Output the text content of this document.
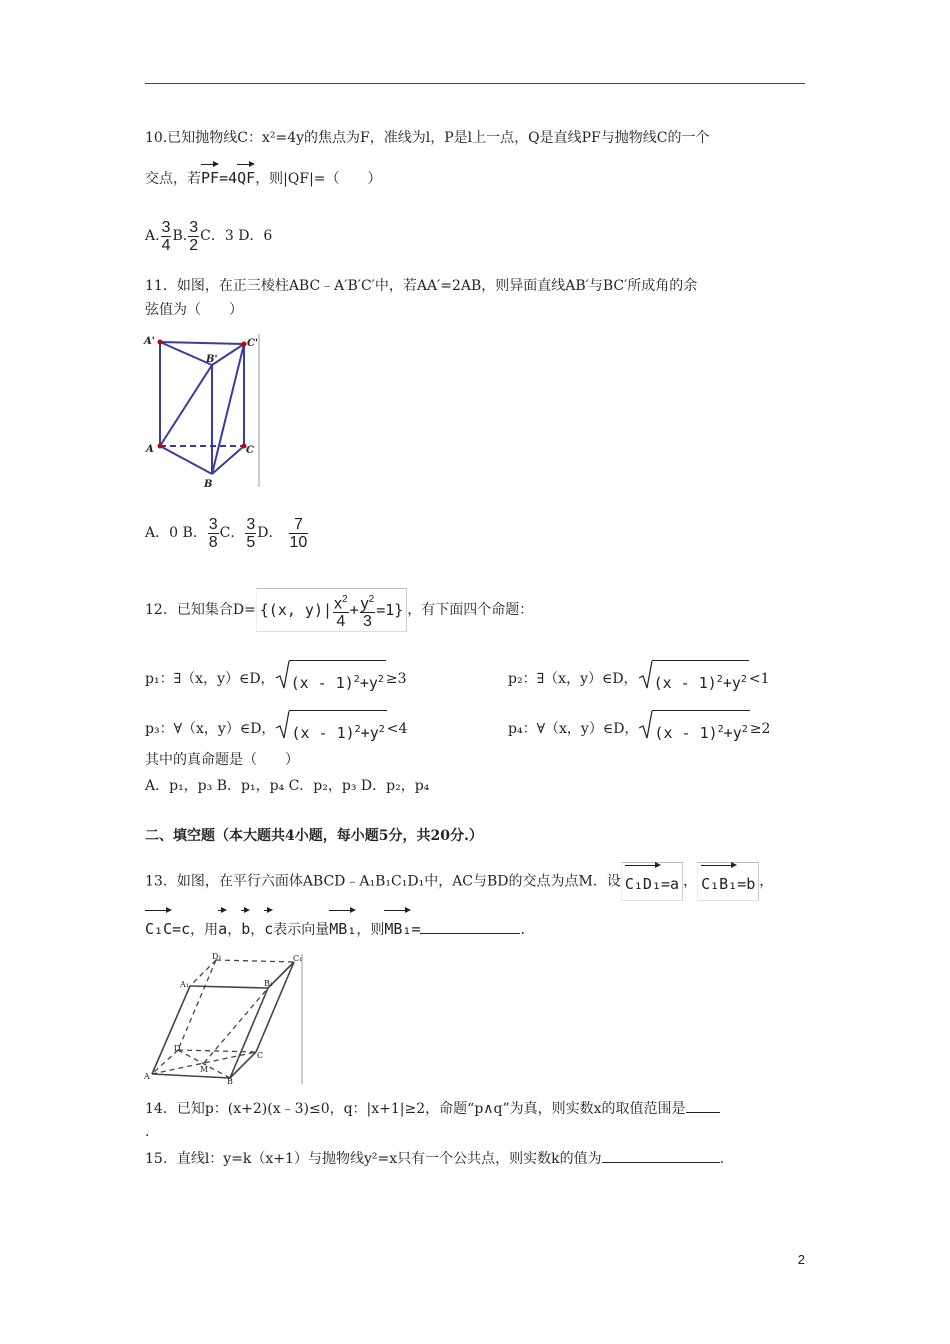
10.已知抛物线C：x²=4y的焦点为F，准线为l，P是l上一点，Q是直线PF与抛物线C的一个
交点，若PF=4QF，则|QF|=（　　）
A. $\frac{3}{4} B$. $\frac{3}{2}$ C．3 D．6
11．如图，在正三棱柱ABC﹣A′B′C′中，若AA′=2AB，则异面直线AB′与BC′所成角的余
弦值为（　　）
A'
B'
C'
A	C
B
A．0 B． $\frac{3}{8}$ C． $\frac{3}{5}$ D． $\frac{7}{10}$
12．已知集合D= {(x, $y)| \frac{x^2}{4} + \frac{y^2}{3} =1$} ，有下面四个命题：
p₁：∃（x，y）∈D， $(x - 1)^2+y^2 \ge 3$	p₂：∃（x，y）∈D， $(x - 1)^2+y^2 <1$
p₃：∀（x，y）∈D， $(x - 1)^2+y^2 <4$	p₄：∀（x，y）∈D， $(x - 1)^2+y^2 \ge 2$
其中的真命题是（　　）
A．p₁，p₃ B．p₁，p₄ C．p₂，p₃ D．p₂，p₄
二、填空题（本大题共4小题，每小题5分，共20分.）
13．如图，在平行六面体ABCD﹣A₁B₁C₁D₁中，AC与BD的交点为点M．设 C₁D₁=a ， C₁B₁=b ，
C₁C=c，用a，b，c表示向量MB₁，则MB₁=	.
D₁	C₁
A₁	B₁
D
C
A
B
M
14．已知p：(x+2)(x﹣3)≤0，q：|x+1|≥2，命题“p∧q”为真，则实数x的取值范围是
.
15．直线l：y=k（x+1）与抛物线y²=x只有一个公共点，则实数k的值为	.
2
